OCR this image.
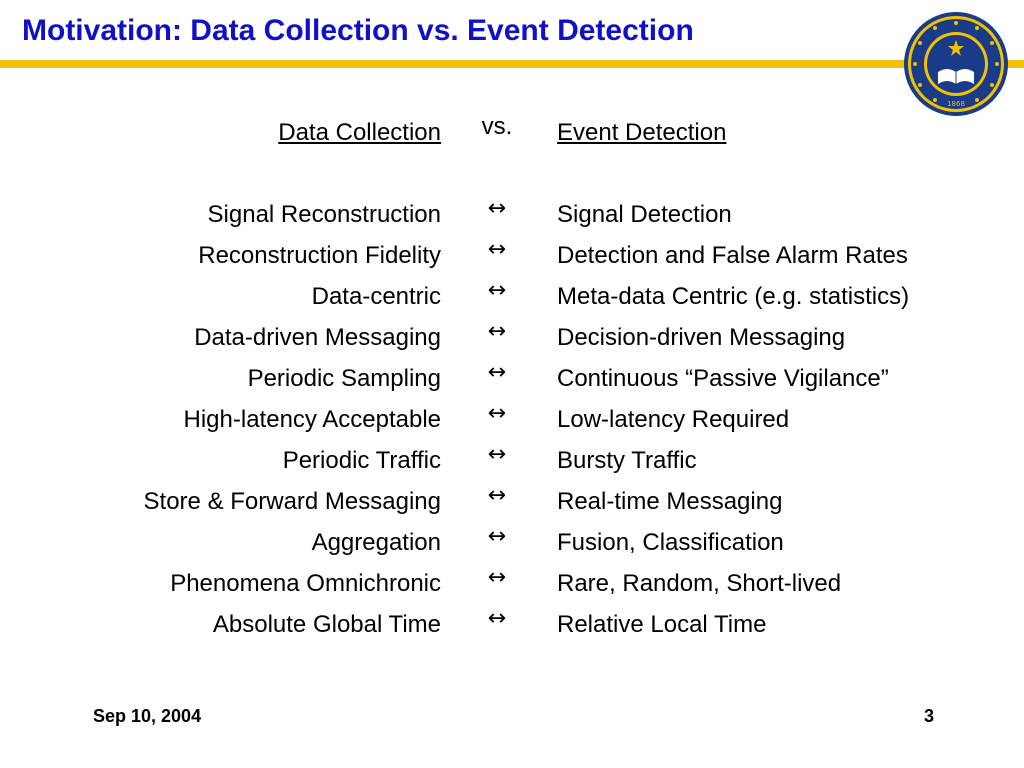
Motivation: Data Collection vs. Event Detection
1868
Data Collection
Signal Reconstruction
Reconstruction Fidelity
Data-centric
Data-driven Messaging
Periodic Sampling
High-latency Acceptable
Periodic Traffic
Store & Forward Messaging
Aggregation
Phenomena Omnichronic
Absolute Global Time
vs.
↔
↔
↔
↔
↔
↔
↔
↔
↔
↔
↔
Event Detection
Signal Detection
Detection and False Alarm Rates
Meta-data Centric (e.g. statistics)
Decision-driven Messaging
Continuous “Passive Vigilance”
Low-latency Required
Bursty Traffic
Real-time Messaging
Fusion, Classification
Rare, Random, Short-lived
Relative Local Time
Sep 10, 2004	3
